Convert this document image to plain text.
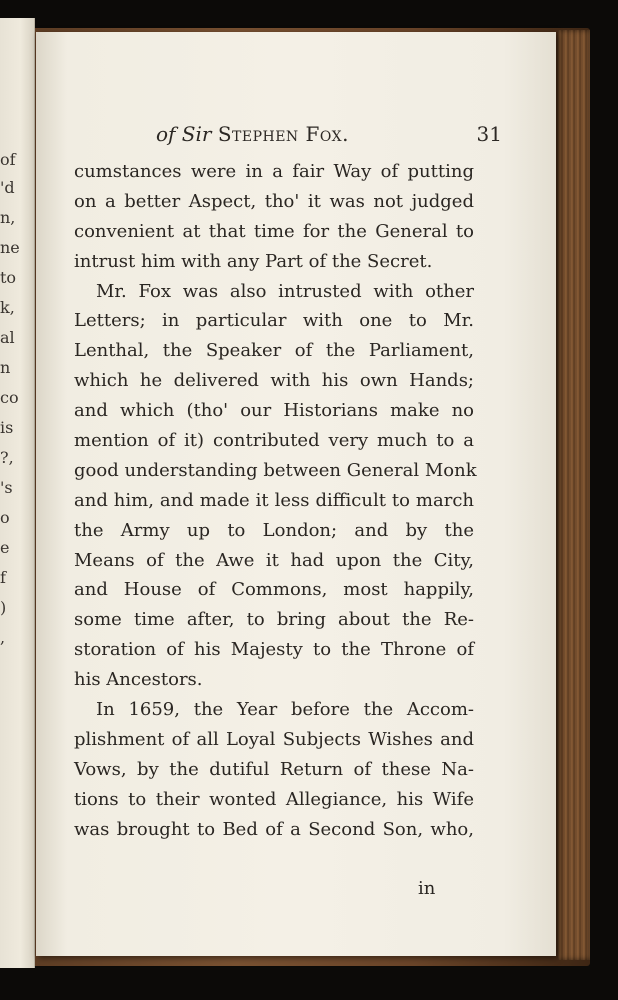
of
'd
n,
ne
to
k,
al
n
co
is
?,
's
o
e
f
)
,
of Sir Stephen Fox.	31
cumstances were in a fair Way of putting
on a better Aspect, tho' it was not judged
convenient at that time for the General to
intrust him with any Part of the Secret.
Mr. Fox was also intrusted with other
Letters; in particular with one to Mr.
Lenthal, the Speaker of the Parliament,
which he delivered with his own Hands;
and which (tho' our Historians make no
mention of it) contributed very much to a
good understanding between General Monk
and him, and made it less difficult to march
the Army up to London; and by the
Means of the Awe it had upon the City,
and House of Commons, most happily,
some time after, to bring about the Re-
storation of his Majesty to the Throne of
his Ancestors.
In 1659, the Year before the Accom-
plishment of all Loyal Subjects Wishes and
Vows, by the dutiful Return of these Na-
tions to their wonted Allegiance, his Wife
was brought to Bed of a Second Son, who,
in
